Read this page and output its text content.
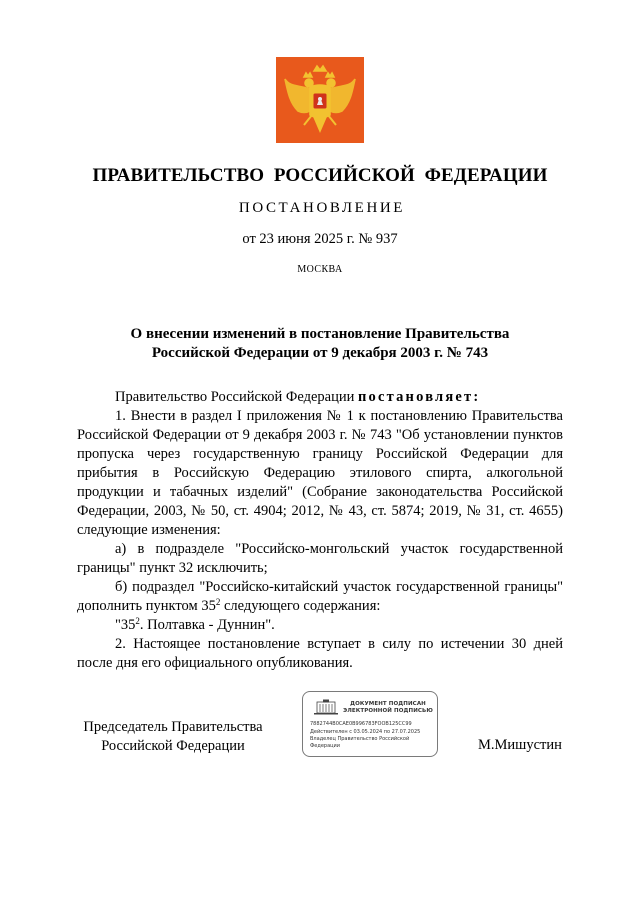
ПРАВИТЕЛЬСТВО  РОССИЙСКОЙ  ФЕДЕРАЦИИ
ПОСТАНОВЛЕНИЕ
от 23 июня 2025 г. № 937
МОСКВА
О внесении изменений в постановление Правительства
Российской Федерации от 9 декабря 2003 г. № 743

Правительство Российской Федерации постановляет:

1. Внести в раздел I приложения № 1 к постановлению Правительства Российской Федерации от 9 декабря 2003 г. № 743 "Об установлении пунктов пропуска через государственную границу Российской Федерации для прибытия в Российскую Федерацию этилового спирта, алкогольной продукции и табачных изделий" (Собрание законодательства Российской Федерации, 2003, № 50, ст. 4904; 2012, № 43, ст. 5874; 2019, № 31, ст. 4655) следующие изменения:

а) в подразделе "Российско-монгольский участок государственной границы" пункт 32 исключить;

б) подраздел "Российско-китайский участок государственной границы" дополнить пунктом $35^2$ следующего содержания:

"$35^2$. Полтавка - Дуннин".

2. Настоящее постановление вступает в силу по истечении 30 дней после дня его официального опубликования.

Председатель Правительства
Российской Федерации
ДОКУМЕНТ ПОДПИСАН
ЭЛЕКТРОННОЙ ПОДПИСЬЮ
7882744B0CAE0B996783FOOB125CC99
Действителен с 03.05.2024 по 27.07.2025
Владелец Правительство Российской
Федерации	М.Мишустин
